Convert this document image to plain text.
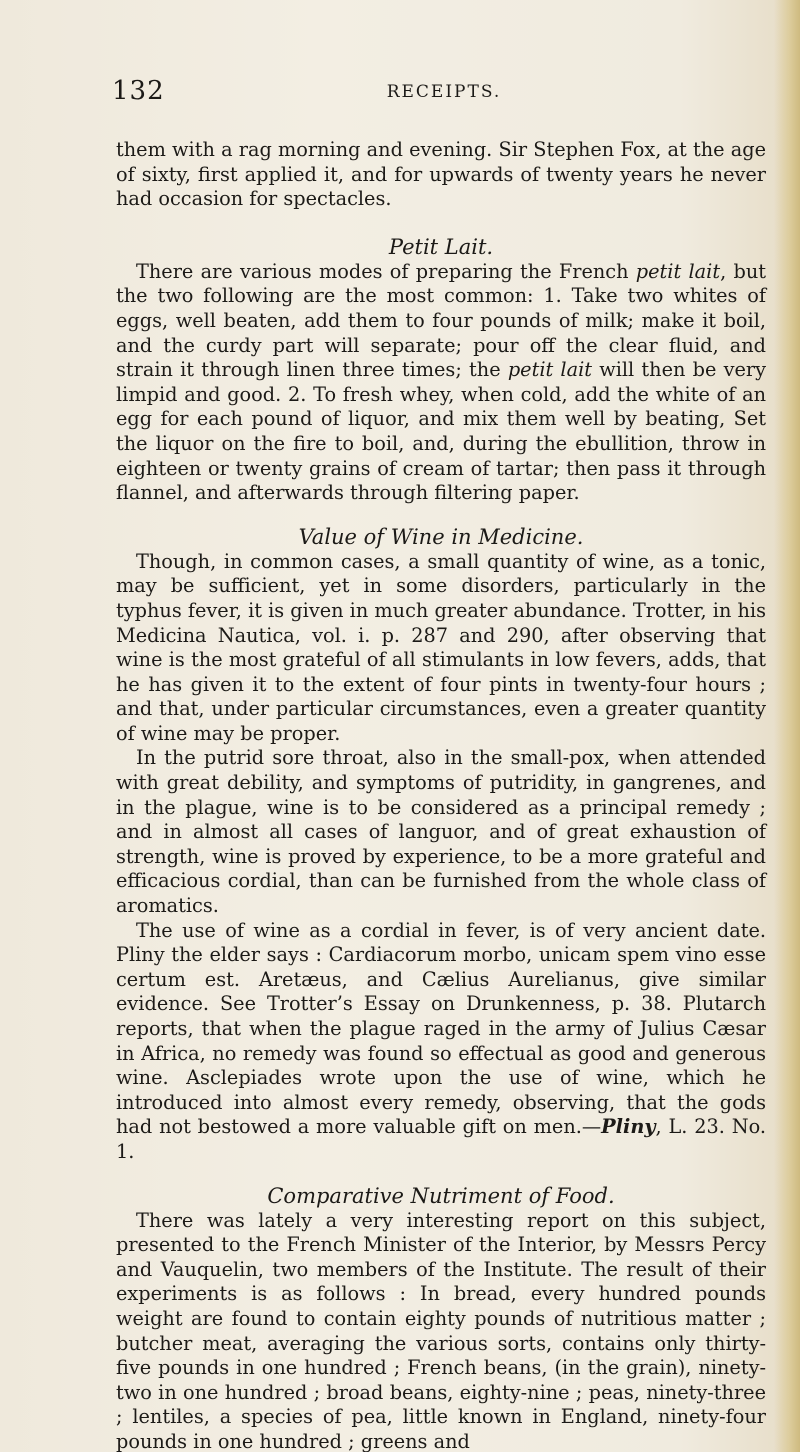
132	RECEIPTS.

them with a rag morning and evening. Sir Stephen Fox, at the age of sixty, first applied it, and for upwards of twenty years he never had occasion for spectacles.

Petit Lait.

There are various modes of preparing the French petit lait, but the two following are the most common: 1. Take two whites of eggs, well beaten, add them to four pounds of milk; make it boil, and the curdy part will separate; pour off the clear fluid, and strain it through linen three times; the petit lait will then be very limpid and good. 2. To fresh whey, when cold, add the white of an egg for each pound of liquor, and mix them well by beating, Set the liquor on the fire to boil, and, during the ebullition, throw in eighteen or twenty grains of cream of tartar; then pass it through flannel, and afterwards through filtering paper.

Value of Wine in Medicine.

Though, in common cases, a small quantity of wine, as a tonic, may be sufficient, yet in some disorders, particularly in the typhus fever, it is given in much greater abundance. Trotter, in his Medicina Nautica, vol. i. p. 287 and 290, after observing that wine is the most grateful of all stimulants in low fevers, adds, that he has given it to the extent of four pints in twenty-four hours ; and that, under particular circumstances, even a greater quantity of wine may be proper.

In the putrid sore throat, also in the small-pox, when attended with great debility, and symptoms of putridity, in gangrenes, and in the plague, wine is to be considered as a principal remedy ; and in almost all cases of languor, and of great exhaustion of strength, wine is proved by experience, to be a more grateful and efficacious cordial, than can be furnished from the whole class of aromatics.

The use of wine as a cordial in fever, is of very ancient date. Pliny the elder says : Cardiacorum morbo, unicam spem vino esse certum est. Aretæus, and Cælius Aurelianus, give similar evidence. See Trotter’s Essay on Drunkenness, p. 38. Plutarch reports, that when the plague raged in the army of Julius Cæsar in Africa, no remedy was found so effectual as good and generous wine. Asclepiades wrote upon the use of wine, which he introduced into almost every remedy, observing, that the gods had not bestowed a more valuable gift on men.—Pliny, L. 23. No. 1.

Comparative Nutriment of Food.

There was lately a very interesting report on this subject, presented to the French Minister of the Interior, by Messrs Percy and Vauquelin, two members of the Institute. The result of their experiments is as follows : In bread, every hundred pounds weight are found to contain eighty pounds of nutritious matter ; butcher meat, averaging the various sorts, contains only thirty-five pounds in one hundred ; French beans, (in the grain), ninety-two in one hundred ; broad beans, eighty-nine ; peas, ninety-three ; lentiles, a species of pea, little known in England, ninety-four pounds in one hundred ; greens and
